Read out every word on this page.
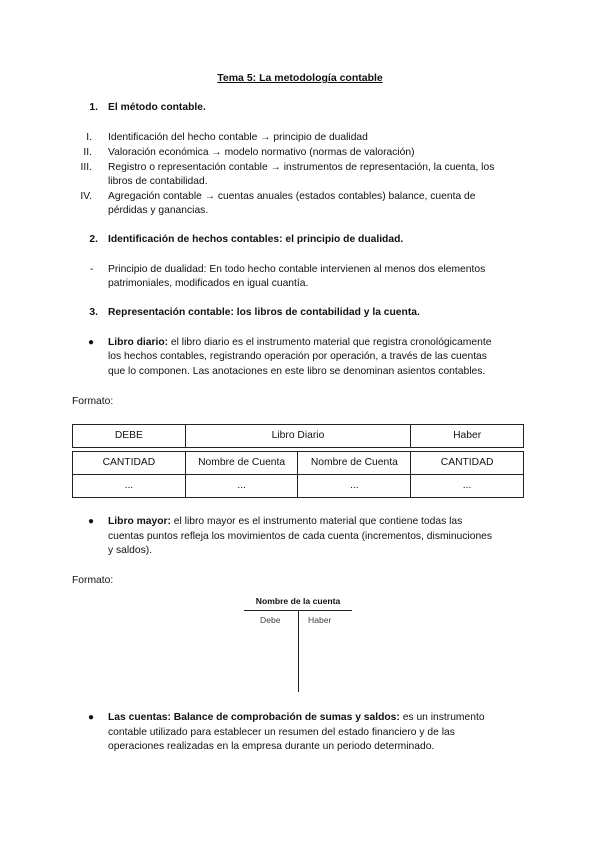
Tema 5: La metodología contable
1. El método contable.
I. Identificación del hecho contable → principio de dualidad
II. Valoración económica → modelo normativo (normas de valoración)
III. Registro o representación contable → instrumentos de representación, la cuenta, los
libros de contabilidad.
IV. Agregación contable → cuentas anuales (estados contables) balance, cuenta de
pérdidas y ganancias.
2. Identificación de hechos contables: el principio de dualidad.
- Principio de dualidad: En todo hecho contable intervienen al menos dos elementos
patrimoniales, modificados en igual cuantía.
3. Representación contable: los libros de contabilidad y la cuenta.
● Libro diario: el libro diario es el instrumento material que registra cronológicamente
los hechos contables, registrando operación por operación, a través de las cuentas
que lo componen. Las anotaciones en este libro se denominan asientos contables.
Formato:
DEBE	Libro Diario		Haber

CANTIDAD	Nombre de Cuenta	Nombre de Cuenta	CANTIDAD
...	...	...	...
● Libro mayor: el libro mayor es el instrumento material que contiene todas las
cuentas puntos refleja los movimientos de cada cuenta (incrementos, disminuciones
y saldos).
Formato:
Nombre de la cuenta
Debe	Haber
● Las cuentas: Balance de comprobación de sumas y saldos: es un instrumento
contable utilizado para establecer un resumen del estado financiero y de las
operaciones realizadas en la empresa durante un periodo determinado.
